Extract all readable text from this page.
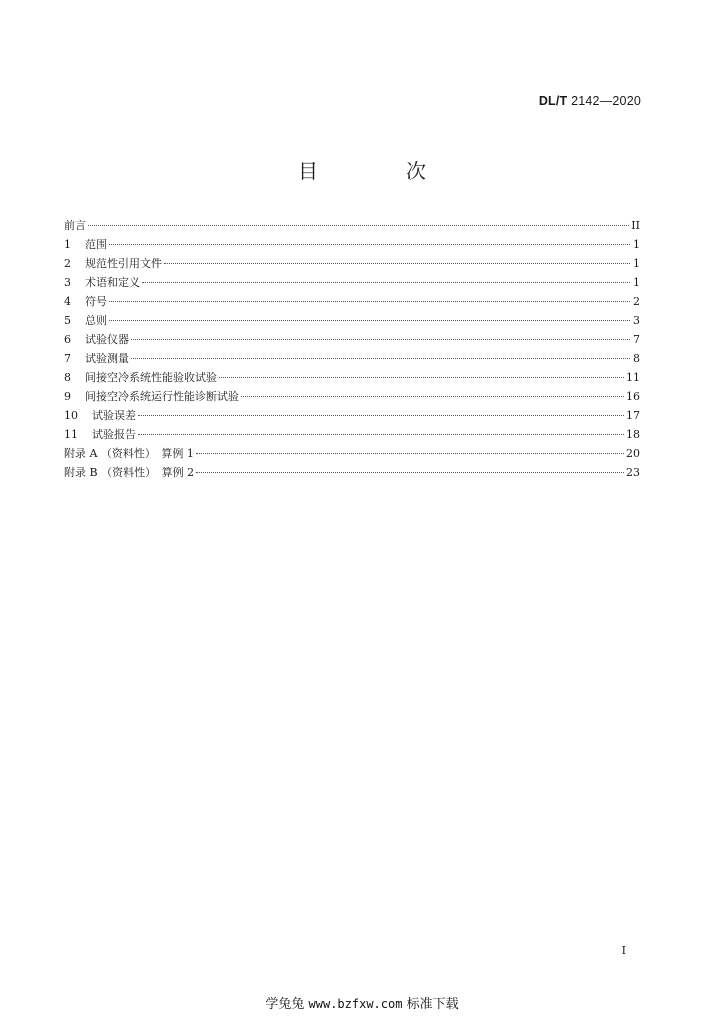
DL/T 2142—2020
目　次
前言	II
1 范围	1
2 规范性引用文件	1
3 术语和定义	1
4 符号	2
5 总则	3
6 试验仪器	7
7 试验测量	8
8 间接空冷系统性能验收试验	11
9 间接空冷系统运行性能诊断试验	16
10 试验误差	17
11 试验报告	18
附录 A （资料性）　算例 1	20
附录 B （资料性）　算例 2	23
I
学兔兔 www.bzfxw.com 标准下载
